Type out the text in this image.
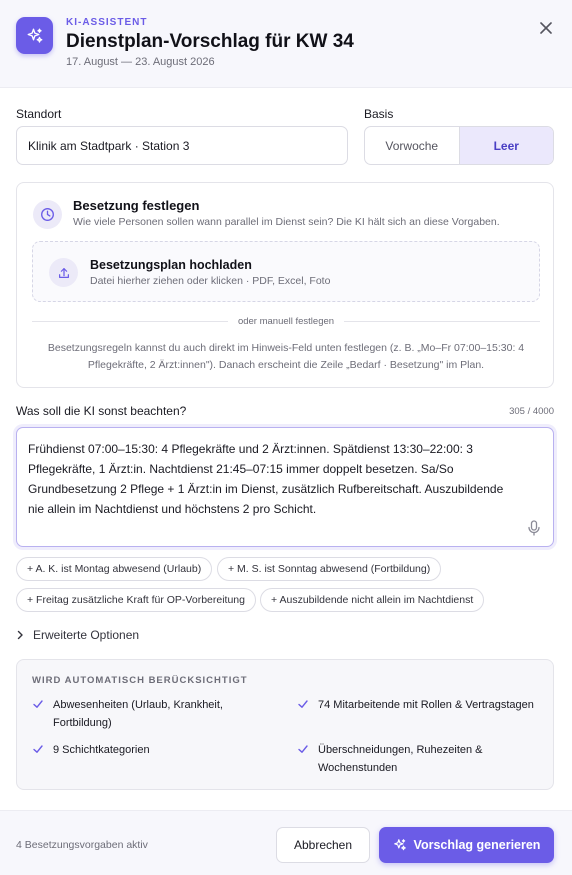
KI-ASSISTENT
Dienstplan-Vorschlag für KW 34
17. August — 23. August 2026
Standort
Klinik am Stadtpark · Station 3
Basis
Vorwoche	Leer
Besetzung festlegen
Wie viele Personen sollen wann parallel im Dienst sein? Die KI hält sich an diese Vorgaben.
Besetzungsplan hochladen
Datei hierher ziehen oder klicken · PDF, Excel, Foto
oder manuell festlegen
Besetzungsregeln kannst du auch direkt im Hinweis-Feld unten festlegen (z. B. „Mo–Fr 07:00–15:30: 4 Pflegekräfte, 2 Ärzt:innen"). Danach erscheint die Zeile „Bedarf · Besetzung" im Plan.
Was soll die KI sonst beachten?	305 / 4000
Frühdienst 07:00–15:30: 4 Pflegekräfte und 2 Ärzt:innen. Spätdienst 13:30–22:00: 3 Pflegekräfte, 1 Ärzt:in. Nachtdienst 21:45–07:15 immer doppelt besetzen. Sa/So Grundbesetzung 2 Pflege + 1 Ärzt:in im Dienst, zusätzlich Rufbereitschaft. Auszubildende nie allein im Nachtdienst und höchstens 2 pro Schicht.
+ A. K. ist Montag abwesend (Urlaub)	+ M. S. ist Sonntag abwesend (Fortbildung)
+ Freitag zusätzliche Kraft für OP-Vorbereitung	+ Auszubildende nicht allein im Nachtdienst
Erweiterte Optionen
WIRD AUTOMATISCH BERÜCKSICHTIGT
Abwesenheiten (Urlaub, Krankheit, Fortbildung)
74 Mitarbeitende mit Rollen & Vertragstagen
9 Schichtkategorien	Überschneidungen, Ruhezeiten & Wochenstunden
4 Besetzungsvorgaben aktiv	Abbrechen	Vorschlag generieren
